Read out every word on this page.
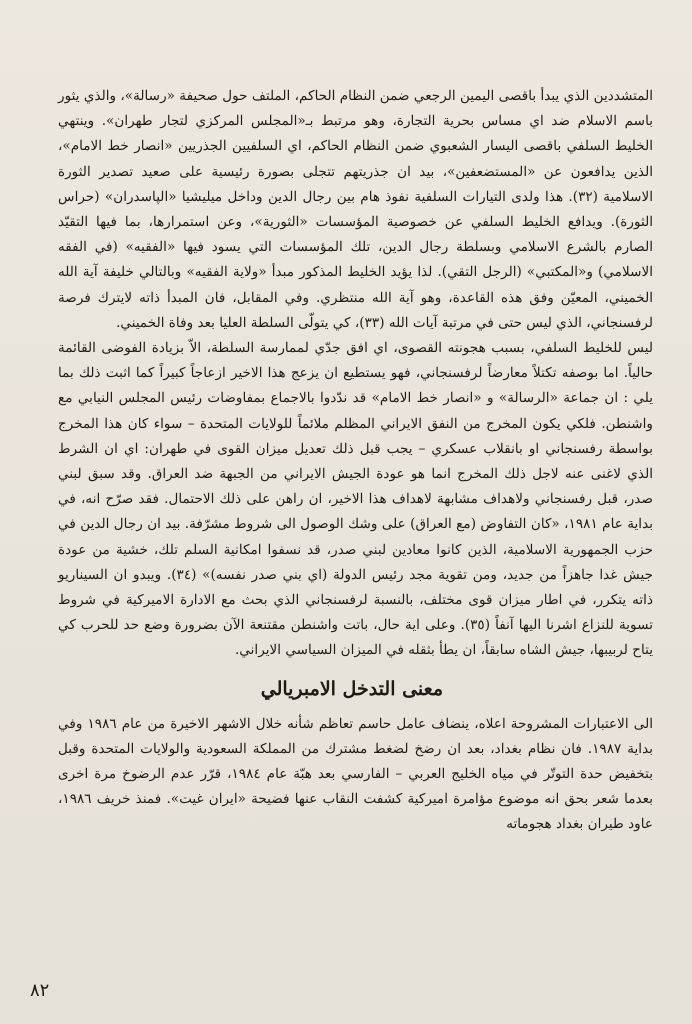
المتشددين الذي يبدأ باقصى اليمين الرجعي ضمن النظام الحاكم، الملتف حول صحيفة «رسالة»، والذي يثور باسم الاسلام ضد اي مساس بحرية التجارة، وهو مرتبط بـ«المجلس المركزي لتجار طهران». وينتهي الخليط السلفي باقصى اليسار الشعبوي ضمن النظام الحاكم، اي السلفيين الجذريين «انصار خط الامام»، الذين يدافعون عن «المستضعفين»، بيد ان جذريتهم تتجلى بصورة رئيسية على صعيد تصدير الثورة الاسلامية (٣٢). هذا ولدى التيارات السلفية نفوذ هام بين رجال الدين وداخل ميليشيا «الپاسدران» (حراس الثورة). ويدافع الخليط السلفي عن خصوصية المؤسسات «الثورية»، وعن استمرارها، بما فيها التقيّد الصارم بالشرع الاسلامي وبسلطة رجال الدين، تلك المؤسسات التي يسود فيها «الفقيه» (في الفقه الاسلامي) و«المكتبي» (الرجل التقي). لذا يؤيد الخليط المذكور مبدأ «ولاية الفقيه» وبالتالي خليفة آية الله الخميني، المعيّن وفق هذه القاعدة، وهو آية الله منتظري. وفي المقابل، فان المبدأ ذاته لايترك فرصة لرفسنجاني، الذي ليس حتى في مرتبة آيات الله (٣٣)، كي يتولّى السلطة العليا بعد وفاة الخميني.

ليس للخليط السلفي، بسبب هجونته القصوى، اي افق جدّي لممارسة السلطة، الاّ بزيادة الفوضى القائمة حالياً. اما بوصفه تكتلاً معارضاً لرفسنجاني، فهو يستطيع ان يزعج هذا الاخير ازعاجاً كبيراً كما اثبت ذلك بما يلي : ان جماعة «الرسالة» و «انصار خط الامام» قد ندّدوا بالاجماع بمفاوضات رئيس المجلس النيابي مع واشنطن. فلكي يكون المخرج من النفق الايراني المظلم ملائماً للولايات المتحدة – سواء كان هذا المخرج بواسطة رفسنجاني او بانقلاب عسكري – يجب قبل ذلك تعديل ميزان القوى في طهران: اي ان الشرط الذي لاغنى عنه لاجل ذلك المخرج انما هو عودة الجيش الايراني من الجبهة ضد العراق. وقد سبق لبني صدر، قبل رفسنجاني ولاهداف مشابهة لاهداف هذا الاخير، ان راهن على ذلك الاحتمال. فقد صرّح انه، في بداية عام ١٩٨١، «كان التفاوض (مع العراق) على وشك الوصول الى شروط مشرّفة. بيد ان رجال الدين في حزب الجمهورية الاسلامية، الذين كانوا معادين لبني صدر، قد نسفوا امكانية السلم تلك، خشية من عودة جيش غدا جاهزاً من جديد، ومن تقوية مجد رئيس الدولة (اي بني صدر نفسه)» (٣٤). ويبدو ان السيناريو ذاته يتكرر، في اطار ميزان قوى مختلف، بالنسبة لرفسنجاني الذي بحث مع الادارة الاميركية في شروط تسوية للنزاع اشرنا اليها آنفاً (٣٥). وعلى اية حال، باتت واشنطن مقتنعة الآن بضرورة وضع حد للحرب كي يتاح لربيبها، جيش الشاه سابقاً، ان يطأ بثقله في الميزان السياسي الايراني.

معنى التدخل الامبريالي

الى الاعتبارات المشروحة اعلاه، ينضاف عامل حاسم تعاظم شأنه خلال الاشهر الاخيرة من عام ١٩٨٦ وفي بداية ١٩٨٧. فان نظام بغداد، بعد ان رضخ لضغط مشترك من المملكة السعودية والولايات المتحدة وقبل بتخفيض حدة التوتّر في مياه الخليج العربي – الفارسي بعد هبّة عام ١٩٨٤، قرّر عدم الرضوخ مرة اخرى بعدما شعر بحق انه موضوع مؤامرة اميركية كشفت النقاب عنها فضيحة «ايران غيت». فمنذ خريف ١٩٨٦، عاود طيران بغداد هجوماته

٨٢
